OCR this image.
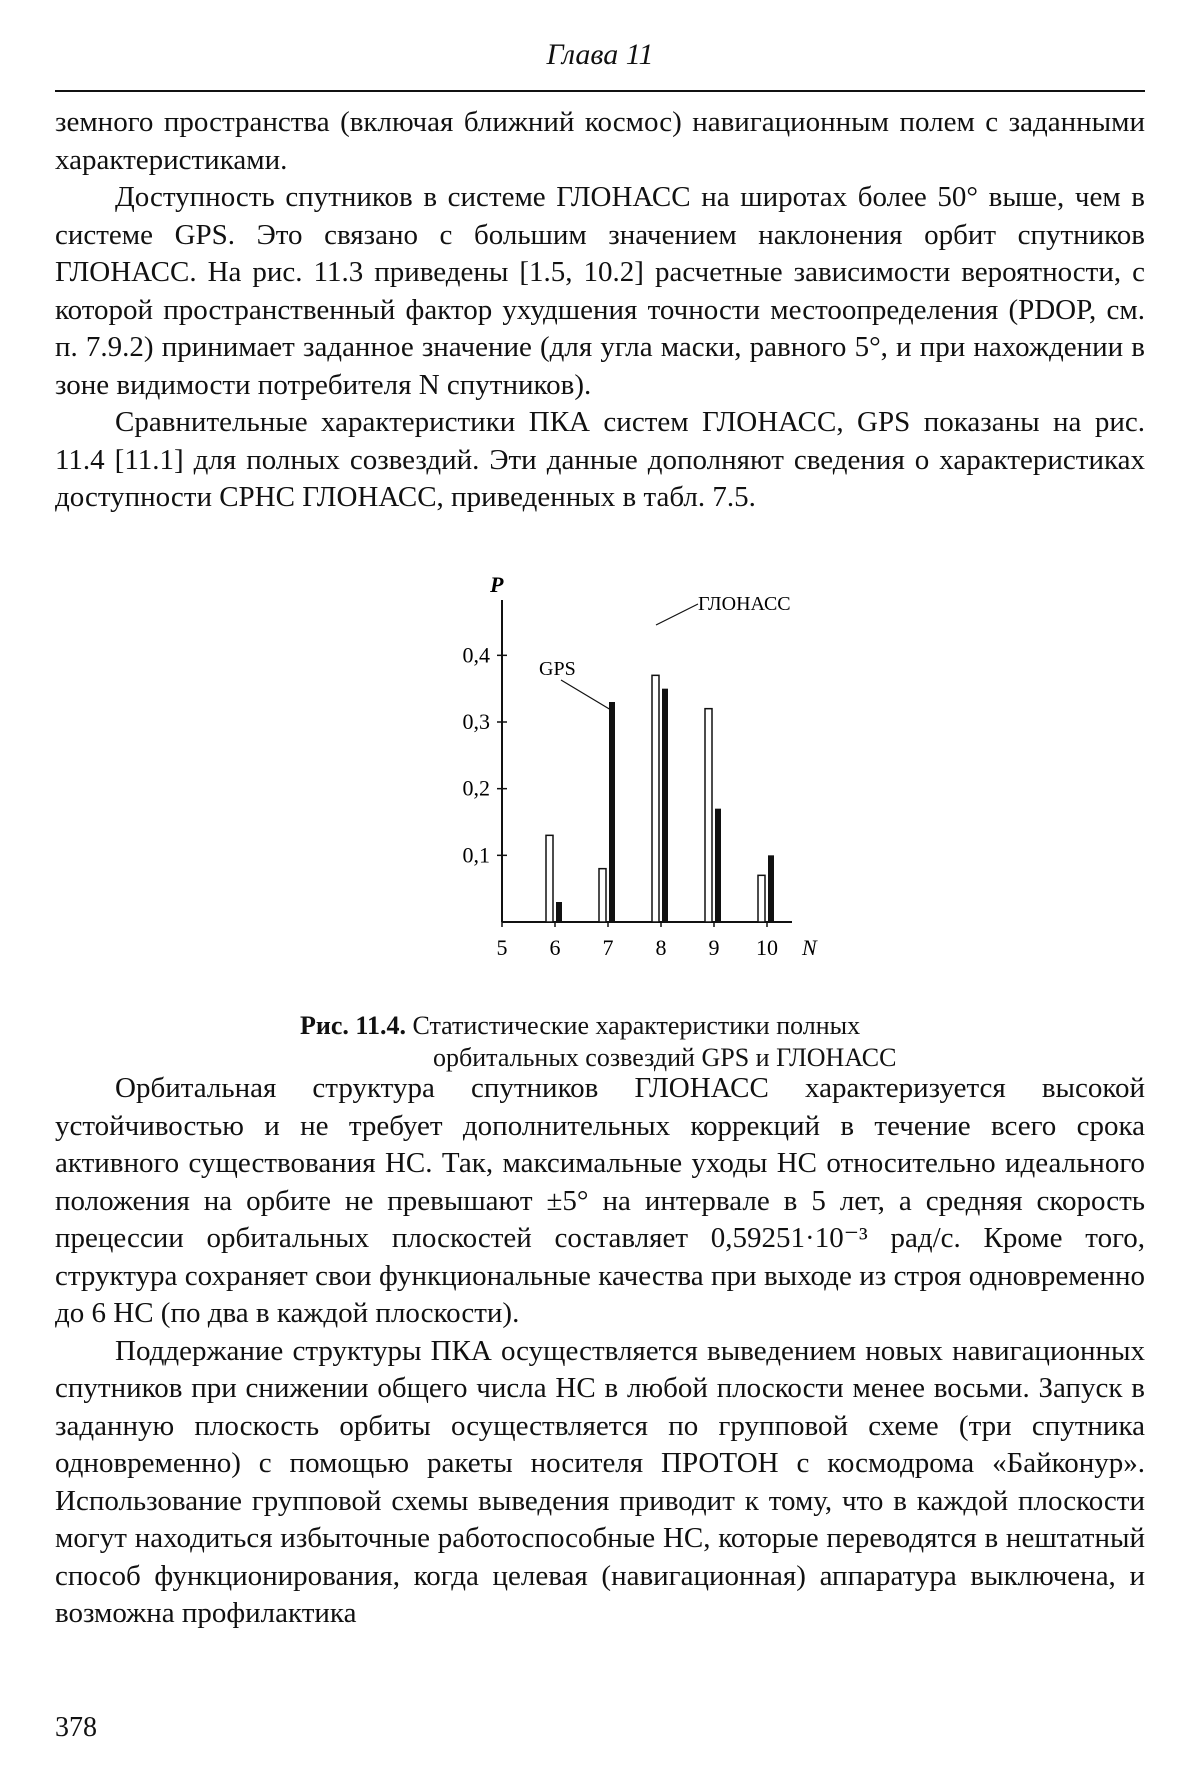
Глава 11

земного пространства (включая ближний космос) навигационным полем с заданными характеристиками.

Доступность спутников в системе ГЛОНАСС на широтах более 50° выше, чем в системе GPS. Это связано с большим значением наклонения орбит спутников ГЛОНАСС. На рис. 11.3 приведены [1.5, 10.2] расчетные зависимости вероятности, с которой пространственный фактор ухудшения точности местоопределения (PDOP, см. п. 7.9.2) принимает заданное значение (для угла маски, равного 5°, и при нахождении в зоне видимости потребителя N спутников).

Сравнительные характеристики ПКА систем ГЛОНАСС, GPS показаны на рис. 11.4 [11.1] для полных созвездий. Эти данные дополняют сведения о характеристиках доступности СРНС ГЛОНАСС, приведенных в табл. 7.5.

P
0,1
0,2
0,3
0,4
5 6 7 8 9 10 N
GPS
ГЛОНАСС
Рис. 11.4. Статистические характеристики полных
орбитальных созвездий GPS и ГЛОНАСС

Орбитальная структура спутников ГЛОНАСС характеризуется высокой устойчивостью и не требует дополнительных коррекций в течение всего срока активного существования НС. Так, максимальные уходы НС относительно идеального положения на орбите не превышают ±5° на интервале в 5 лет, а средняя скорость прецессии орбитальных плоскостей составляет 0,59251·10⁻³ рад/с. Кроме того, структура сохраняет свои функциональные качества при выходе из строя одновременно до 6 НС (по два в каждой плоскости).

Поддержание структуры ПКА осуществляется выведением новых навигационных спутников при снижении общего числа НС в любой плоскости менее восьми. Запуск в заданную плоскость орбиты осуществляется по групповой схеме (три спутника одновременно) с помощью ракеты носителя ПРОТОН с космодрома «Байконур». Использование групповой схемы выведения приводит к тому, что в каждой плоскости могут находиться избыточные работоспособные НС, которые переводятся в нештатный способ функционирования, когда целевая (навигационная) аппаратура выключена, и возможна профилактика

378
